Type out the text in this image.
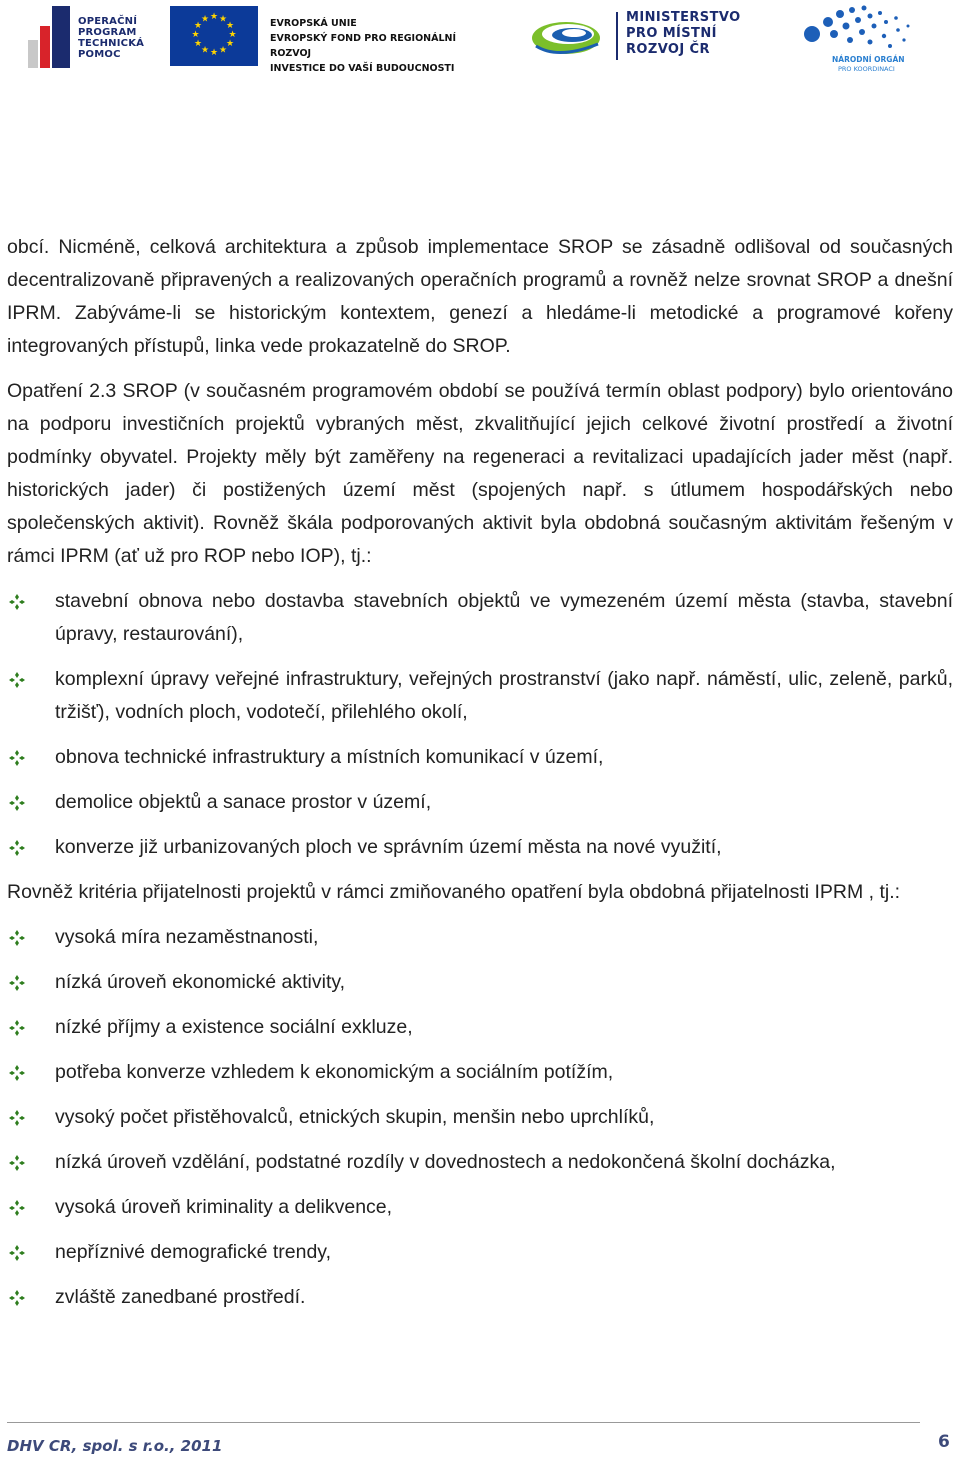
OPERAČNÍ
PROGRAM
TECHNICKÁ
POMOC
★ ★
★
★
★
★
★
★
★
★
★
★	EVROPSKÁ UNIE
EVROPSKÝ FOND PRO REGIONÁLNÍ ROZVOJ
INVESTICE DO VAŠÍ BUDOUCNOSTI
MINISTERSTVO
PRO MÍSTNÍ
ROZVOJ ČR
NÁRODNÍ ORGÁN
PRO KOORDINACI

obcí. Nicméně, celková architektura a způsob implementace SROP se zásadně odlišoval od současných decentralizovaně připravených a realizovaných operačních programů a rovněž nelze srovnat SROP a dnešní IPRM. Zabýváme-li se historickým kontextem, genezí a hledáme-li metodické a programové kořeny integrovaných přístupů, linka vede prokazatelně do SROP.

Opatření 2.3 SROP (v současném programovém období se používá termín oblast podpory) bylo orientováno na podporu investičních projektů vybraných měst, zkvalitňující jejich celkové životní prostředí a životní podmínky obyvatel. Projekty měly být zaměřeny na regeneraci a revitalizaci upadajících jader měst (např. historických jader) či postižených území měst (spojených např. s útlumem hospodářských nebo společenských aktivit). Rovněž škála podporovaných aktivit byla obdobná současným aktivitám řešeným v rámci IPRM (ať už pro ROP nebo IOP), tj.:

stavební obnova nebo dostavba stavebních objektů ve vymezeném území města (stavba, stavební úpravy, restaurování),
komplexní úpravy veřejné infrastruktury, veřejných prostranství (jako např. náměstí, ulic, zeleně, parků, tržišť), vodních ploch, vodotečí, přilehlého okolí,
obnova technické infrastruktury a místních komunikací v území,
demolice objektů a sanace prostor v území,
konverze již urbanizovaných ploch ve správním území města na nové využití,

Rovněž kritéria přijatelnosti projektů v rámci zmiňovaného opatření byla obdobná přijatelnosti IPRM , tj.:

vysoká míra nezaměstnanosti,
nízká úroveň ekonomické aktivity,
nízké příjmy a existence sociální exkluze,
potřeba konverze vzhledem k ekonomickým a sociálním potížím,
vysoký počet přistěhovalců, etnických skupin, menšin nebo uprchlíků,
nízká úroveň vzdělání, podstatné rozdíly v dovednostech a nedokončená školní docházka,
vysoká úroveň kriminality a delikvence,
nepříznivé demografické trendy,
zvláště zanedbané prostředí.
DHV CR, spol. s r.o., 2011	6
